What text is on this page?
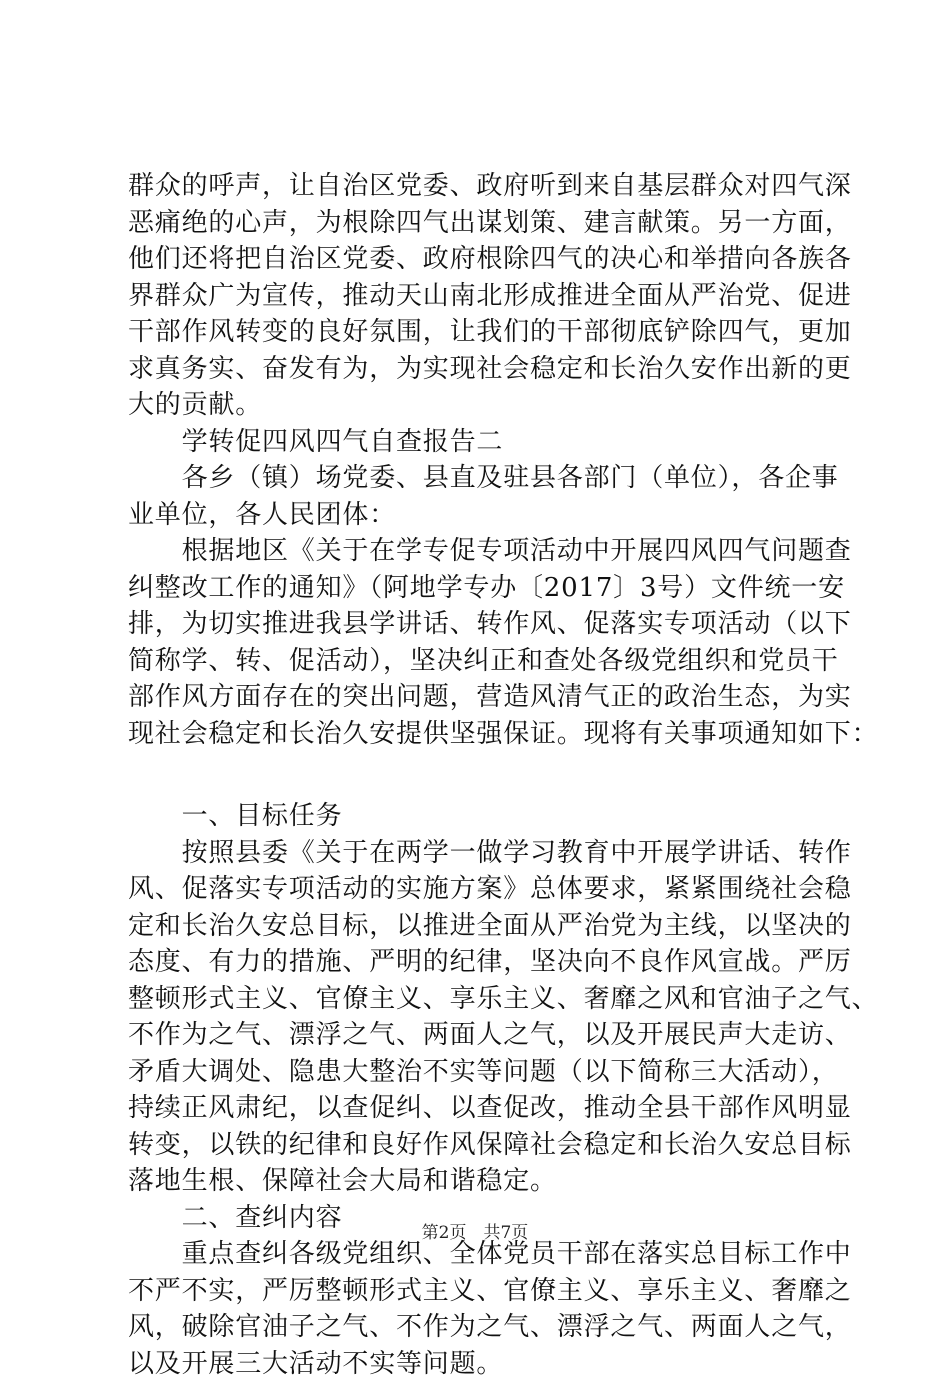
群众的呼声，让自治区党委、政府听到来自基层群众对四气深
恶痛绝的心声，为根除四气出谋划策、建言献策。另一方面，
他们还将把自治区党委、政府根除四气的决心和举措向各族各
界群众广为宣传，推动天山南北形成推进全面从严治党、促进
干部作风转变的良好氛围，让我们的干部彻底铲除四气，更加
求真务实、奋发有为，为实现社会稳定和长治久安作出新的更
大的贡献。
　　学转促四风四气自查报告二
　　各乡（镇）场党委、县直及驻县各部门（单位），各企事
业单位，各人民团体：
　　根据地区《关于在学专促专项活动中开展四风四气问题查
纠整改工作的通知》（阿地学专办〔2017〕3号）文件统一安
排，为切实推进我县学讲话、转作风、促落实专项活动（以下
简称学、转、促活动），坚决纠正和查处各级党组织和党员干
部作风方面存在的突出问题，营造风清气正的政治生态，为实
现社会稳定和长治久安提供坚强保证。现将有关事项通知如下：
　　一、目标任务
　　按照县委《关于在两学一做学习教育中开展学讲话、转作
风、促落实专项活动的实施方案》总体要求，紧紧围绕社会稳
定和长治久安总目标，以推进全面从严治党为主线，以坚决的
态度、有力的措施、严明的纪律，坚决向不良作风宣战。严厉
整顿形式主义、官僚主义、享乐主义、奢靡之风和官油子之气、
不作为之气、漂浮之气、两面人之气，以及开展民声大走访、
矛盾大调处、隐患大整治不实等问题（以下简称三大活动），
持续正风肃纪，以查促纠、以查促改，推动全县干部作风明显
转变，以铁的纪律和良好作风保障社会稳定和长治久安总目标
落地生根、保障社会大局和谐稳定。
　　二、查纠内容
　　重点查纠各级党组织、全体党员干部在落实总目标工作中
不严不实，严厉整顿形式主义、官僚主义、享乐主义、奢靡之
风，破除官油子之气、不作为之气、漂浮之气、两面人之气，
以及开展三大活动不实等问题。
第2页　共7页
